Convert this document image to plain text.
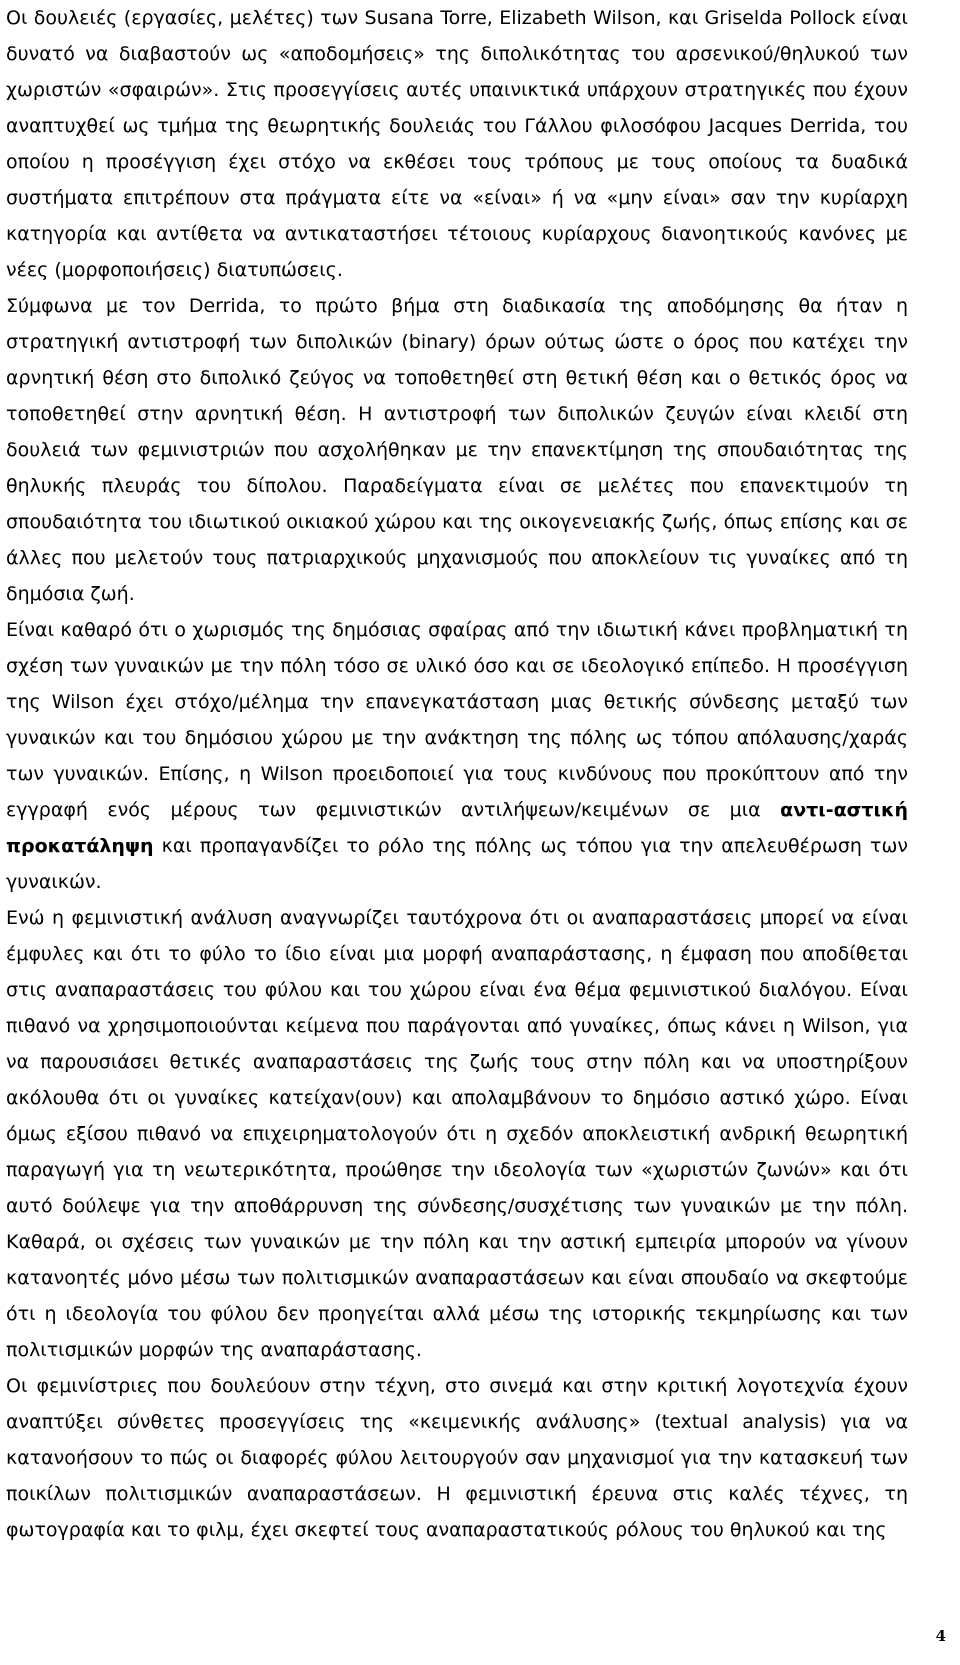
Οι δουλειές (εργασίες, μελέτες) των Susana Torre, Elizabeth Wilson, και Griselda Pollock είναι δυνατό να διαβαστούν ως «αποδομήσεις» της διπολικότητας του αρσενικού/θηλυκού των χωριστών «σφαιρών». Στις προσεγγίσεις αυτές υπαινικτικά υπάρχουν στρατηγικές που έχουν αναπτυχθεί ως τμήμα της θεωρητικής δουλειάς του Γάλλου φιλοσόφου Jacques Derrida, του οποίου η προσέγγιση έχει στόχο να εκθέσει τους τρόπους με τους οποίους τα δυαδικά συστήματα επιτρέπουν στα πράγματα είτε να «είναι» ή να «μην είναι» σαν την κυρίαρχη κατηγορία και αντίθετα να αντικαταστήσει τέτοιους κυρίαρχους διανοητικούς κανόνες με νέες (μορφοποιήσεις) διατυπώσεις.

Σύμφωνα με τον Derrida, το πρώτο βήμα στη διαδικασία της αποδόμησης θα ήταν η στρατηγική αντιστροφή των διπολικών (binary) όρων ούτως ώστε ο όρος που κατέχει την αρνητική θέση στο διπολικό ζεύγος να τοποθετηθεί στη θετική θέση και ο θετικός όρος να τοποθετηθεί στην αρνητική θέση. Η αντιστροφή των διπολικών ζευγών είναι κλειδί στη δουλειά των φεμινιστριών που ασχολήθηκαν με την επανεκτίμηση της σπουδαιότητας της θηλυκής πλευράς του δίπολου. Παραδείγματα είναι σε μελέτες που επανεκτιμούν τη σπουδαιότητα του ιδιωτικού οικιακού χώρου και της οικογενειακής ζωής, όπως επίσης και σε άλλες που μελετούν τους πατριαρχικούς μηχανισμούς που αποκλείουν τις γυναίκες από τη δημόσια ζωή.

Είναι καθαρό ότι ο χωρισμός της δημόσιας σφαίρας από την ιδιωτική κάνει προβληματική τη σχέση των γυναικών με την πόλη τόσο σε υλικό όσο και σε ιδεολογικό επίπεδο. Η προσέγγιση της Wilson έχει στόχο/μέλημα την επανεγκατάσταση μιας θετικής σύνδεσης μεταξύ των γυναικών και του δημόσιου χώρου με την ανάκτηση της πόλης ως τόπου απόλαυσης/χαράς των γυναικών. Επίσης, η Wilson προειδοποιεί για τους κινδύνους που προκύπτουν από την εγγραφή ενός μέρους των φεμινιστικών αντιλήψεων/κειμένων σε μια αντι-αστική προκατάληψη και προπαγανδίζει το ρόλο της πόλης ως τόπου για την απελευθέρωση των γυναικών.

Ενώ η φεμινιστική ανάλυση αναγνωρίζει ταυτόχρονα ότι οι αναπαραστάσεις μπορεί να είναι έμφυλες και ότι το φύλο το ίδιο είναι μια μορφή αναπαράστασης, η έμφαση που αποδίθεται στις αναπαραστάσεις του φύλου και του χώρου είναι ένα θέμα φεμινιστικού διαλόγου. Είναι πιθανό να χρησιμοποιούνται κείμενα που παράγονται από γυναίκες, όπως κάνει η Wilson, για να παρουσιάσει θετικές αναπαραστάσεις της ζωής τους στην πόλη και να υποστηρίξουν ακόλουθα ότι οι γυναίκες κατείχαν(ουν) και απολαμβάνουν το δημόσιο αστικό χώρο. Είναι όμως εξίσου πιθανό να επιχειρηματολογούν ότι η σχεδόν αποκλειστική ανδρική θεωρητική παραγωγή για τη νεωτερικότητα, προώθησε την ιδεολογία των «χωριστών ζωνών» και ότι αυτό δούλεψε για την αποθάρρυνση της σύνδεσης/συσχέτισης των γυναικών με την πόλη. Καθαρά, οι σχέσεις των γυναικών με την πόλη και την αστική εμπειρία μπορούν να γίνουν κατανοητές μόνο μέσω των πολιτισμικών αναπαραστάσεων και είναι σπουδαίο να σκεφτούμε ότι η ιδεολογία του φύλου δεν προηγείται αλλά μέσω της ιστορικής τεκμηρίωσης και των πολιτισμικών μορφών της αναπαράστασης.

Οι φεμινίστριες που δουλεύουν στην τέχνη, στο σινεμά και στην κριτική λογοτεχνία έχουν αναπτύξει σύνθετες προσεγγίσεις της «κειμενικής ανάλυσης» (textual analysis) για να κατανοήσουν το πώς οι διαφορές φύλου λειτουργούν σαν μηχανισμοί για την κατασκευή των ποικίλων πολιτισμικών αναπαραστάσεων. Η φεμινιστική έρευνα στις καλές τέχνες, τη φωτογραφία και το φιλμ, έχει σκεφτεί τους αναπαραστατικούς ρόλους του θηλυκού και της

4
